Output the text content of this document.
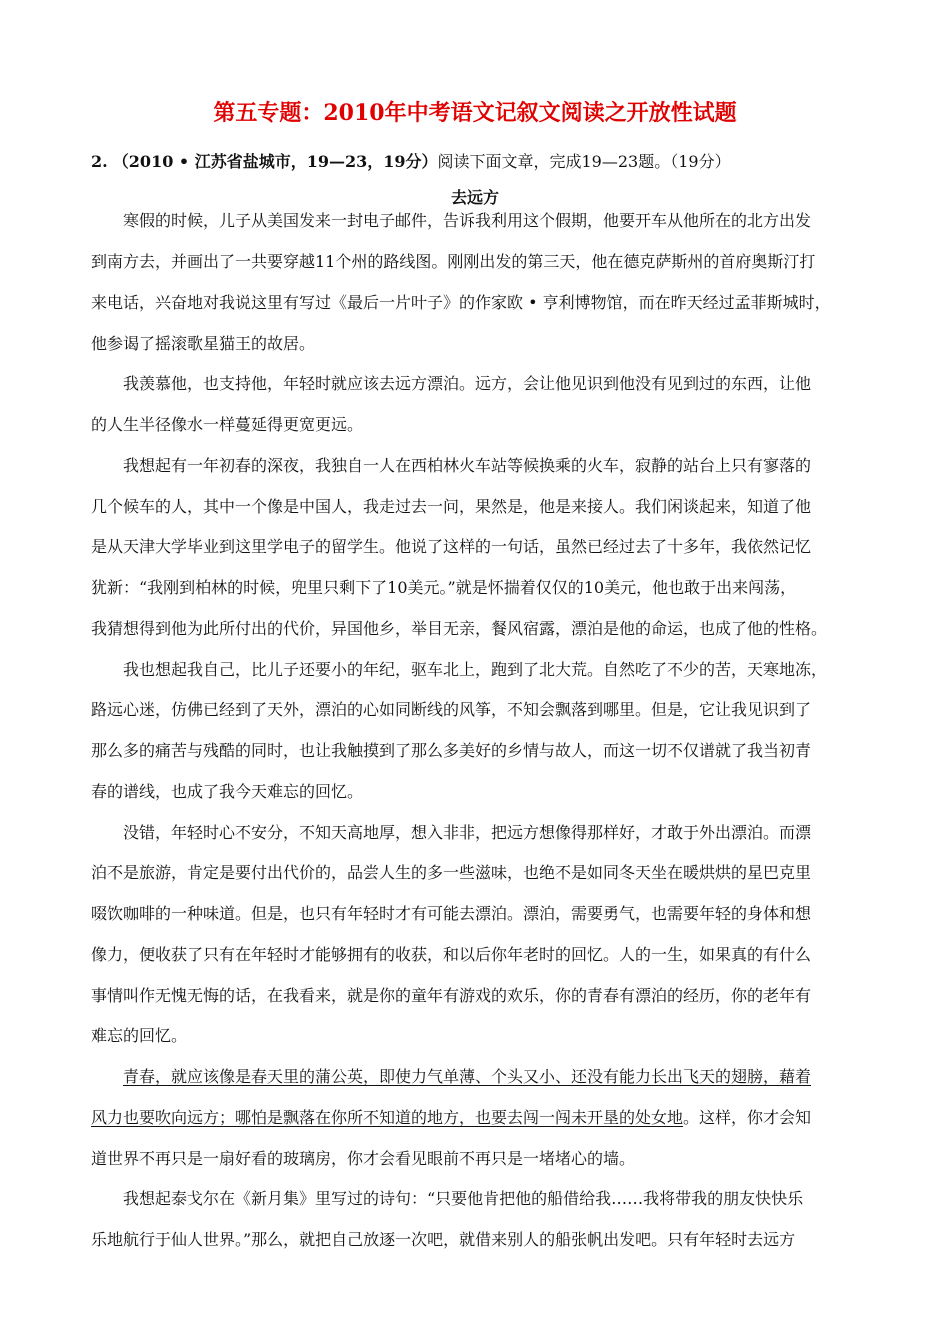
第五专题：2010年中考语文记叙文阅读之开放性试题
2. （2010 • 江苏省盐城市，19—23，19分）阅读下面文章，完成19—23题。（19分）
去远方
寒假的时候，儿子从美国发来一封电子邮件，告诉我利用这个假期，他要开车从他所在的北方出发
到南方去，并画出了一共要穿越11个州的路线图。刚刚出发的第三天，他在德克萨斯州的首府奥斯汀打
来电话，兴奋地对我说这里有写过《最后一片叶子》的作家欧 • 亨利博物馆，而在昨天经过孟菲斯城时，
他参谒了摇滚歌星猫王的故居。
我羡慕他，也支持他，年轻时就应该去远方漂泊。远方，会让他见识到他没有见到过的东西，让他
的人生半径像水一样蔓延得更宽更远。
我想起有一年初春的深夜，我独自一人在西柏林火车站等候换乘的火车，寂静的站台上只有寥落的
几个候车的人，其中一个像是中国人，我走过去一问，果然是，他是来接人。我们闲谈起来，知道了他
是从天津大学毕业到这里学电子的留学生。他说了这样的一句话，虽然已经过去了十多年，我依然记忆
犹新：“我刚到柏林的时候，兜里只剩下了10美元。”就是怀揣着仅仅的10美元，他也敢于出来闯荡，
我猜想得到他为此所付出的代价，异国他乡，举目无亲，餐风宿露，漂泊是他的命运，也成了他的性格。
我也想起我自己，比儿子还要小的年纪，驱车北上，跑到了北大荒。自然吃了不少的苦，天寒地冻，
路远心迷，仿佛已经到了天外，漂泊的心如同断线的风筝，不知会飘落到哪里。但是，它让我见识到了
那么多的痛苦与残酷的同时，也让我触摸到了那么多美好的乡情与故人，而这一切不仅谱就了我当初青
春的谱线，也成了我今天难忘的回忆。
没错，年轻时心不安分，不知天高地厚，想入非非，把远方想像得那样好，才敢于外出漂泊。而漂
泊不是旅游，肯定是要付出代价的，品尝人生的多一些滋味，也绝不是如同冬天坐在暖烘烘的星巴克里
啜饮咖啡的一种味道。但是，也只有年轻时才有可能去漂泊。漂泊，需要勇气，也需要年轻的身体和想
像力，便收获了只有在年轻时才能够拥有的收获，和以后你年老时的回忆。人的一生，如果真的有什么
事情叫作无愧无悔的话，在我看来，就是你的童年有游戏的欢乐，你的青春有漂泊的经历，你的老年有
难忘的回忆。
青春，就应该像是春天里的蒲公英，即使力气单薄、个头又小、还没有能力长出飞天的翅膀，藉着
风力也要吹向远方；哪怕是飘落在你所不知道的地方，也要去闯一闯未开垦的处女地。这样，你才会知
道世界不再只是一扇好看的玻璃房，你才会看见眼前不再只是一堵堵心的墙。
我想起泰戈尔在《新月集》里写过的诗句：“只要他肯把他的船借给我……我将带我的朋友快快乐
乐地航行于仙人世界。”那么，就把自己放逐一次吧，就借来别人的船张帆出发吧。只有年轻时去远方
